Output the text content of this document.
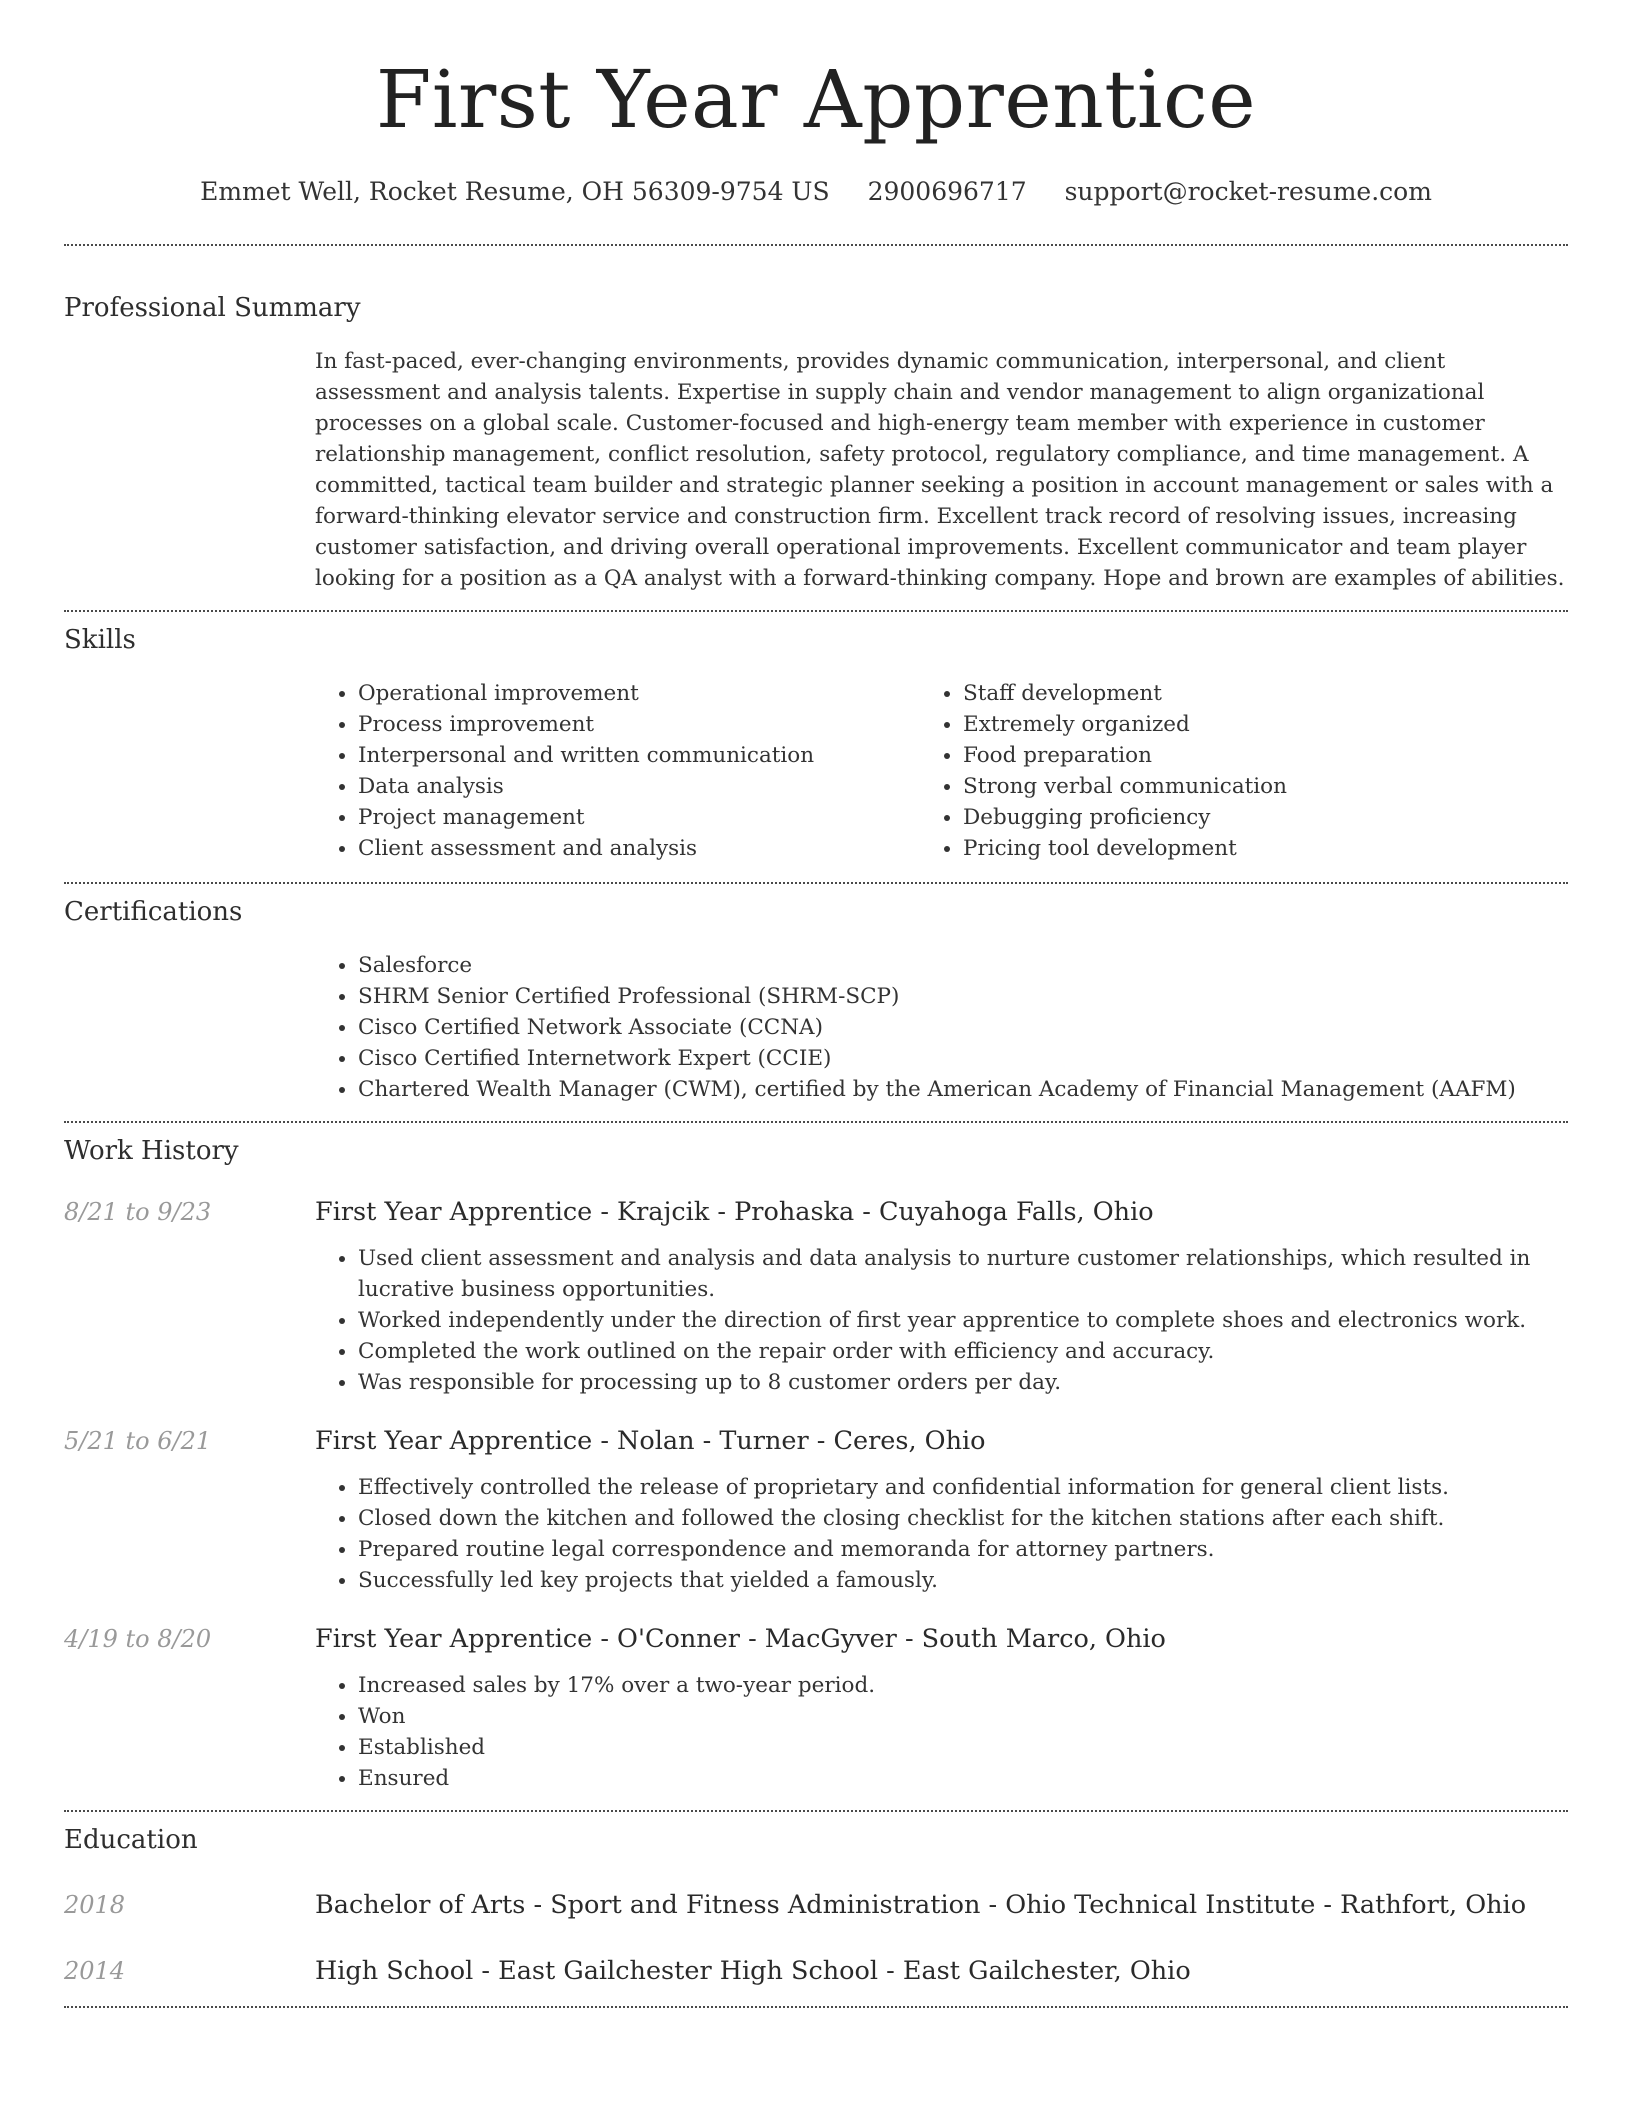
First Year Apprentice
Emmet Well, Rocket Resume, OH 56309-9754 US 2900696717 support@rocket-resume.com
Professional Summary
In fast-paced, ever-changing environments, provides dynamic communication, interpersonal, and client assessment and analysis talents. Expertise in supply chain and vendor management to align organizational processes on a global scale. Customer-focused and high-energy team member with experience in customer relationship management, conflict resolution, safety protocol, regulatory compliance, and time management. A committed, tactical team builder and strategic planner seeking a position in account management or sales with a forward-thinking elevator service and construction firm. Excellent track record of resolving issues, increasing customer satisfaction, and driving overall operational improvements. Excellent communicator and team player looking for a position as a QA analyst with a forward-thinking company. Hope and brown are examples of abilities.
Skills
• Operational improvement
• Process improvement
• Interpersonal and written communication
• Data analysis
• Project management
• Client assessment and analysis
• Staff development
• Extremely organized
• Food preparation
• Strong verbal communication
• Debugging proficiency
• Pricing tool development
Certifications
• Salesforce
• SHRM Senior Certified Professional (SHRM-SCP)
• Cisco Certified Network Associate (CCNA)
• Cisco Certified Internetwork Expert (CCIE)
• Chartered Wealth Manager (CWM), certified by the American Academy of Financial Management (AAFM)
Work History
8/21 to 9/23	First Year Apprentice - Krajcik - Prohaska - Cuyahoga Falls, Ohio
• Used client assessment and analysis and data analysis to nurture customer relationships, which resulted in lucrative business opportunities.
• Worked independently under the direction of first year apprentice to complete shoes and electronics work.
• Completed the work outlined on the repair order with efficiency and accuracy.
• Was responsible for processing up to 8 customer orders per day.
5/21 to 6/21	First Year Apprentice - Nolan - Turner - Ceres, Ohio
• Effectively controlled the release of proprietary and confidential information for general client lists.
• Closed down the kitchen and followed the closing checklist for the kitchen stations after each shift.
• Prepared routine legal correspondence and memoranda for attorney partners.
• Successfully led key projects that yielded a famously.
4/19 to 8/20	First Year Apprentice - O'Conner - MacGyver - South Marco, Ohio
• Increased sales by 17% over a two-year period.
• Won
• Established
• Ensured
Education
2018	Bachelor of Arts - Sport and Fitness Administration - Ohio Technical Institute - Rathfort, Ohio
2014	High School - East Gailchester High School - East Gailchester, Ohio
